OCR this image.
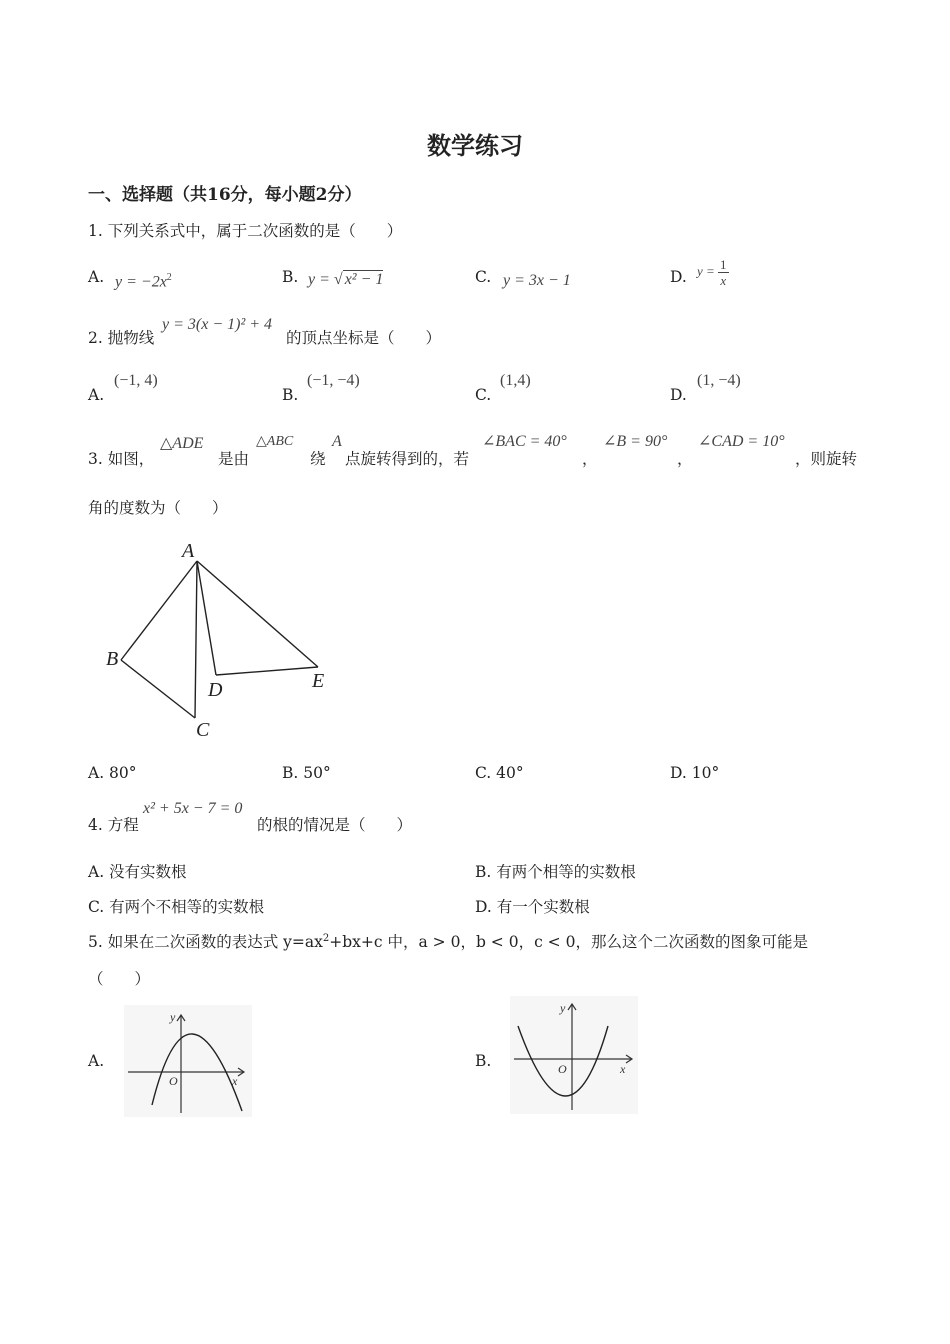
数学练习
一、选择题（共16分，每小题2分）
1. 下列关系式中，属于二次函数的是（　　）
A. $y = -2x^2$	B. y = √ x² − 1	C. y = 3x − 1	D. $y = \frac{1}{x}$
2. 抛物线
y = 3(x − 1)² + 4
的顶点坐标是（　　）
A.
(−1, 4)
B.
(−1, −4)
C.
(1,4)
D.
(1, −4)
3. 如图，
△ADE
是由
△ABC
绕
A
点旋转得到的，若
∠BAC = 40°
，
∠B = 90°
，
∠CAD = 10°
，则旋转
角的度数为（　　）
A
B
C
D	E
A. 80°	B. 50°	C. 40°	D. 10°
4. 方程
x² + 5x − 7 = 0
的根的情况是（　　）
A. 没有实数根	B. 有两个相等的实数根
C. 有两个不相等的实数根	D. 有一个实数根
5. 如果在二次函数的表达式 $y=ax^2+bx+c$ 中，a > 0，b < 0，c < 0，那么这个二次函数的图象可能是
（　　）
A.
y
x
O
B.
y
x
O
